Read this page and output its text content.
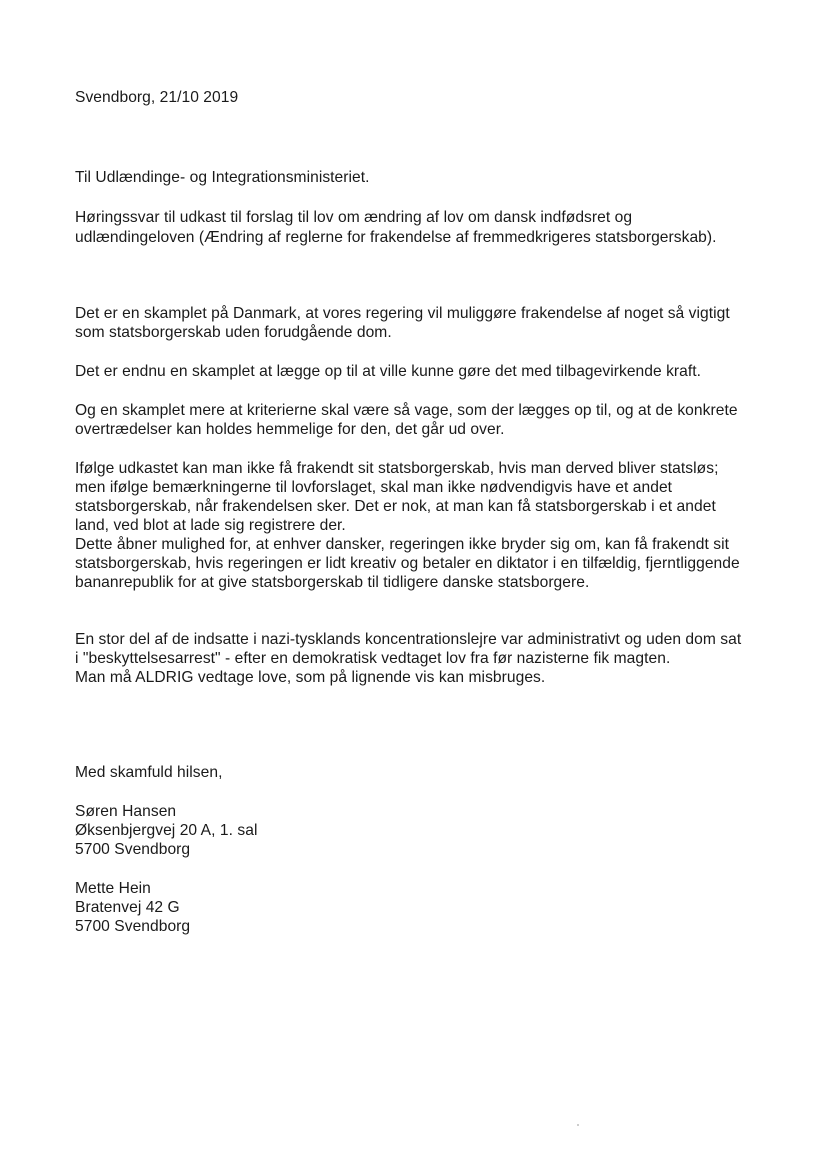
Svendborg, 21/10 2019
Til Udlændinge- og Integrationsministeriet.
Høringssvar til udkast til forslag til lov om ændring af lov om dansk indfødsret og
udlændingeloven (Ændring af reglerne for frakendelse af fremmedkrigeres statsborgerskab).
Det er en skamplet på Danmark, at vores regering vil muliggøre frakendelse af noget så vigtigt
som statsborgerskab uden forudgående dom.
Det er endnu en skamplet at lægge op til at ville kunne gøre det med tilbagevirkende kraft.
Og en skamplet mere at kriterierne skal være så vage, som der lægges op til, og at de konkrete
overtrædelser kan holdes hemmelige for den, det går ud over.
Ifølge udkastet kan man ikke få frakendt sit statsborgerskab, hvis man derved bliver statsløs;
men ifølge bemærkningerne til lovforslaget, skal man ikke nødvendigvis have et andet
statsborgerskab, når frakendelsen sker. Det er nok, at man kan få statsborgerskab i et andet
land, ved blot at lade sig registrere der.
Dette åbner mulighed for, at enhver dansker, regeringen ikke bryder sig om, kan få frakendt sit
statsborgerskab, hvis regeringen er lidt kreativ og betaler en diktator i en tilfældig, fjerntliggende
bananrepublik for at give statsborgerskab til tidligere danske statsborgere.
En stor del af de indsatte i nazi-tysklands koncentrationslejre var administrativt og uden dom sat
i "beskyttelsesarrest" - efter en demokratisk vedtaget lov fra før nazisterne fik magten.
Man må ALDRIG vedtage love, som på lignende vis kan misbruges.
Med skamfuld hilsen,
Søren Hansen
Øksenbjergvej 20 A, 1. sal
5700 Svendborg
Mette Hein
Bratenvej 42 G
5700 Svendborg
